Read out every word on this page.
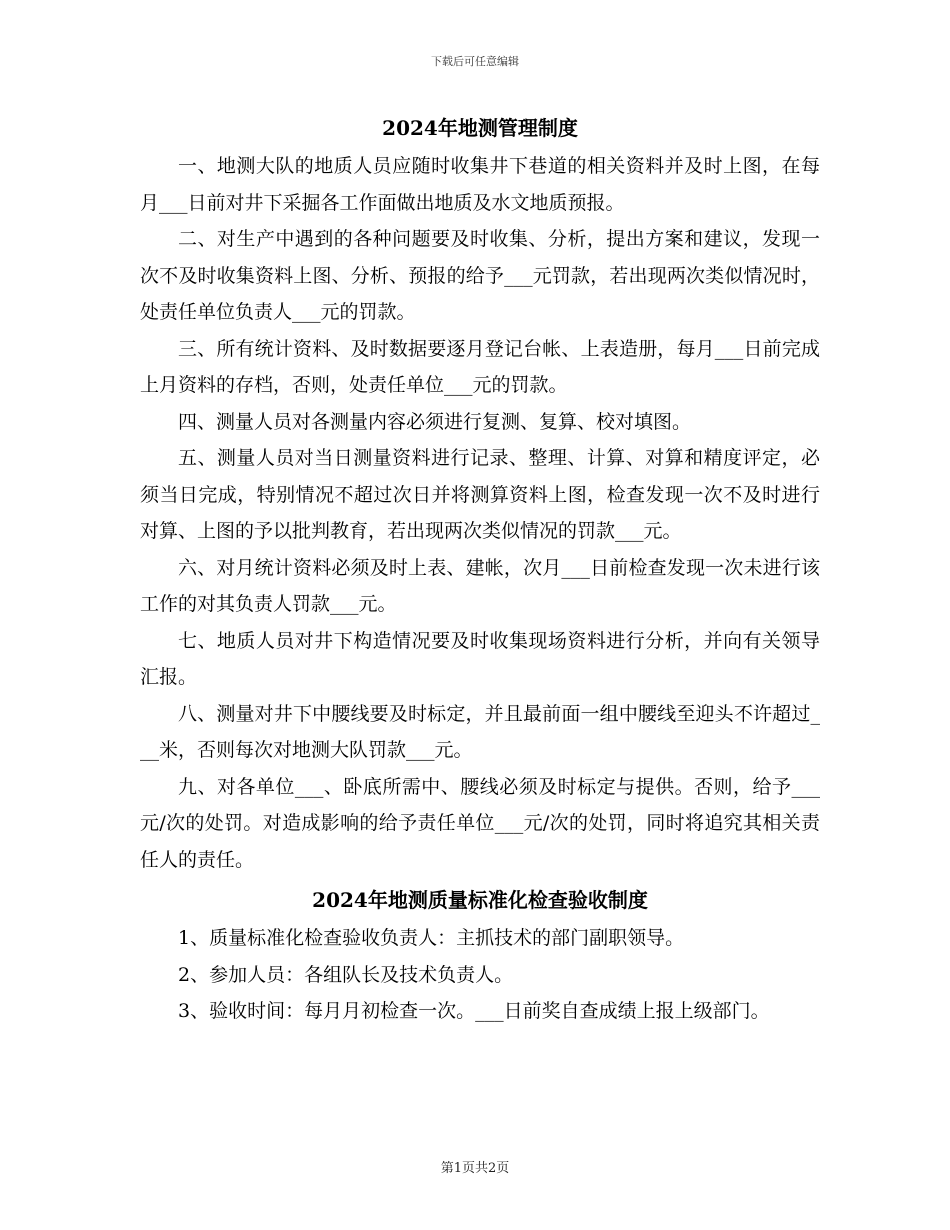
下载后可任意编辑
2024年地测管理制度

一、地测大队的地质人员应随时收集井下巷道的相关资料并及时上图，在每月___日前对井下采掘各工作面做出地质及水文地质预报。

二、对生产中遇到的各种问题要及时收集、分析，提出方案和建议，发现一次不及时收集资料上图、分析、预报的给予___元罚款，若出现两次类似情况时，处责任单位负责人___元的罚款。

三、所有统计资料、及时数据要逐月登记台帐、上表造册，每月___日前完成上月资料的存档，否则，处责任单位___元的罚款。

四、测量人员对各测量内容必须进行复测、复算、校对填图。

五、测量人员对当日测量资料进行记录、整理、计算、对算和精度评定，必须当日完成，特别情况不超过次日并将测算资料上图，检查发现一次不及时进行对算、上图的予以批判教育，若出现两次类似情况的罚款___元。

六、对月统计资料必须及时上表、建帐，次月___日前检查发现一次未进行该工作的对其负责人罚款___元。

七、地质人员对井下构造情况要及时收集现场资料进行分析，并向有关领导汇报。

八、测量对井下中腰线要及时标定，并且最前面一组中腰线至迎头不许超过___米，否则每次对地测大队罚款___元。

九、对各单位___、卧底所需中、腰线必须及时标定与提供。否则，给予___元/次的处罚。对造成影响的给予责任单位___元/次的处罚，同时将追究其相关责任人的责任。

2024年地测质量标准化检查验收制度

1、质量标准化检查验收负责人：主抓技术的部门副职领导。

2、参加人员：各组队长及技术负责人。

3、验收时间：每月月初检查一次。___日前奖自查成绩上报上级部门。

第1页共2页
